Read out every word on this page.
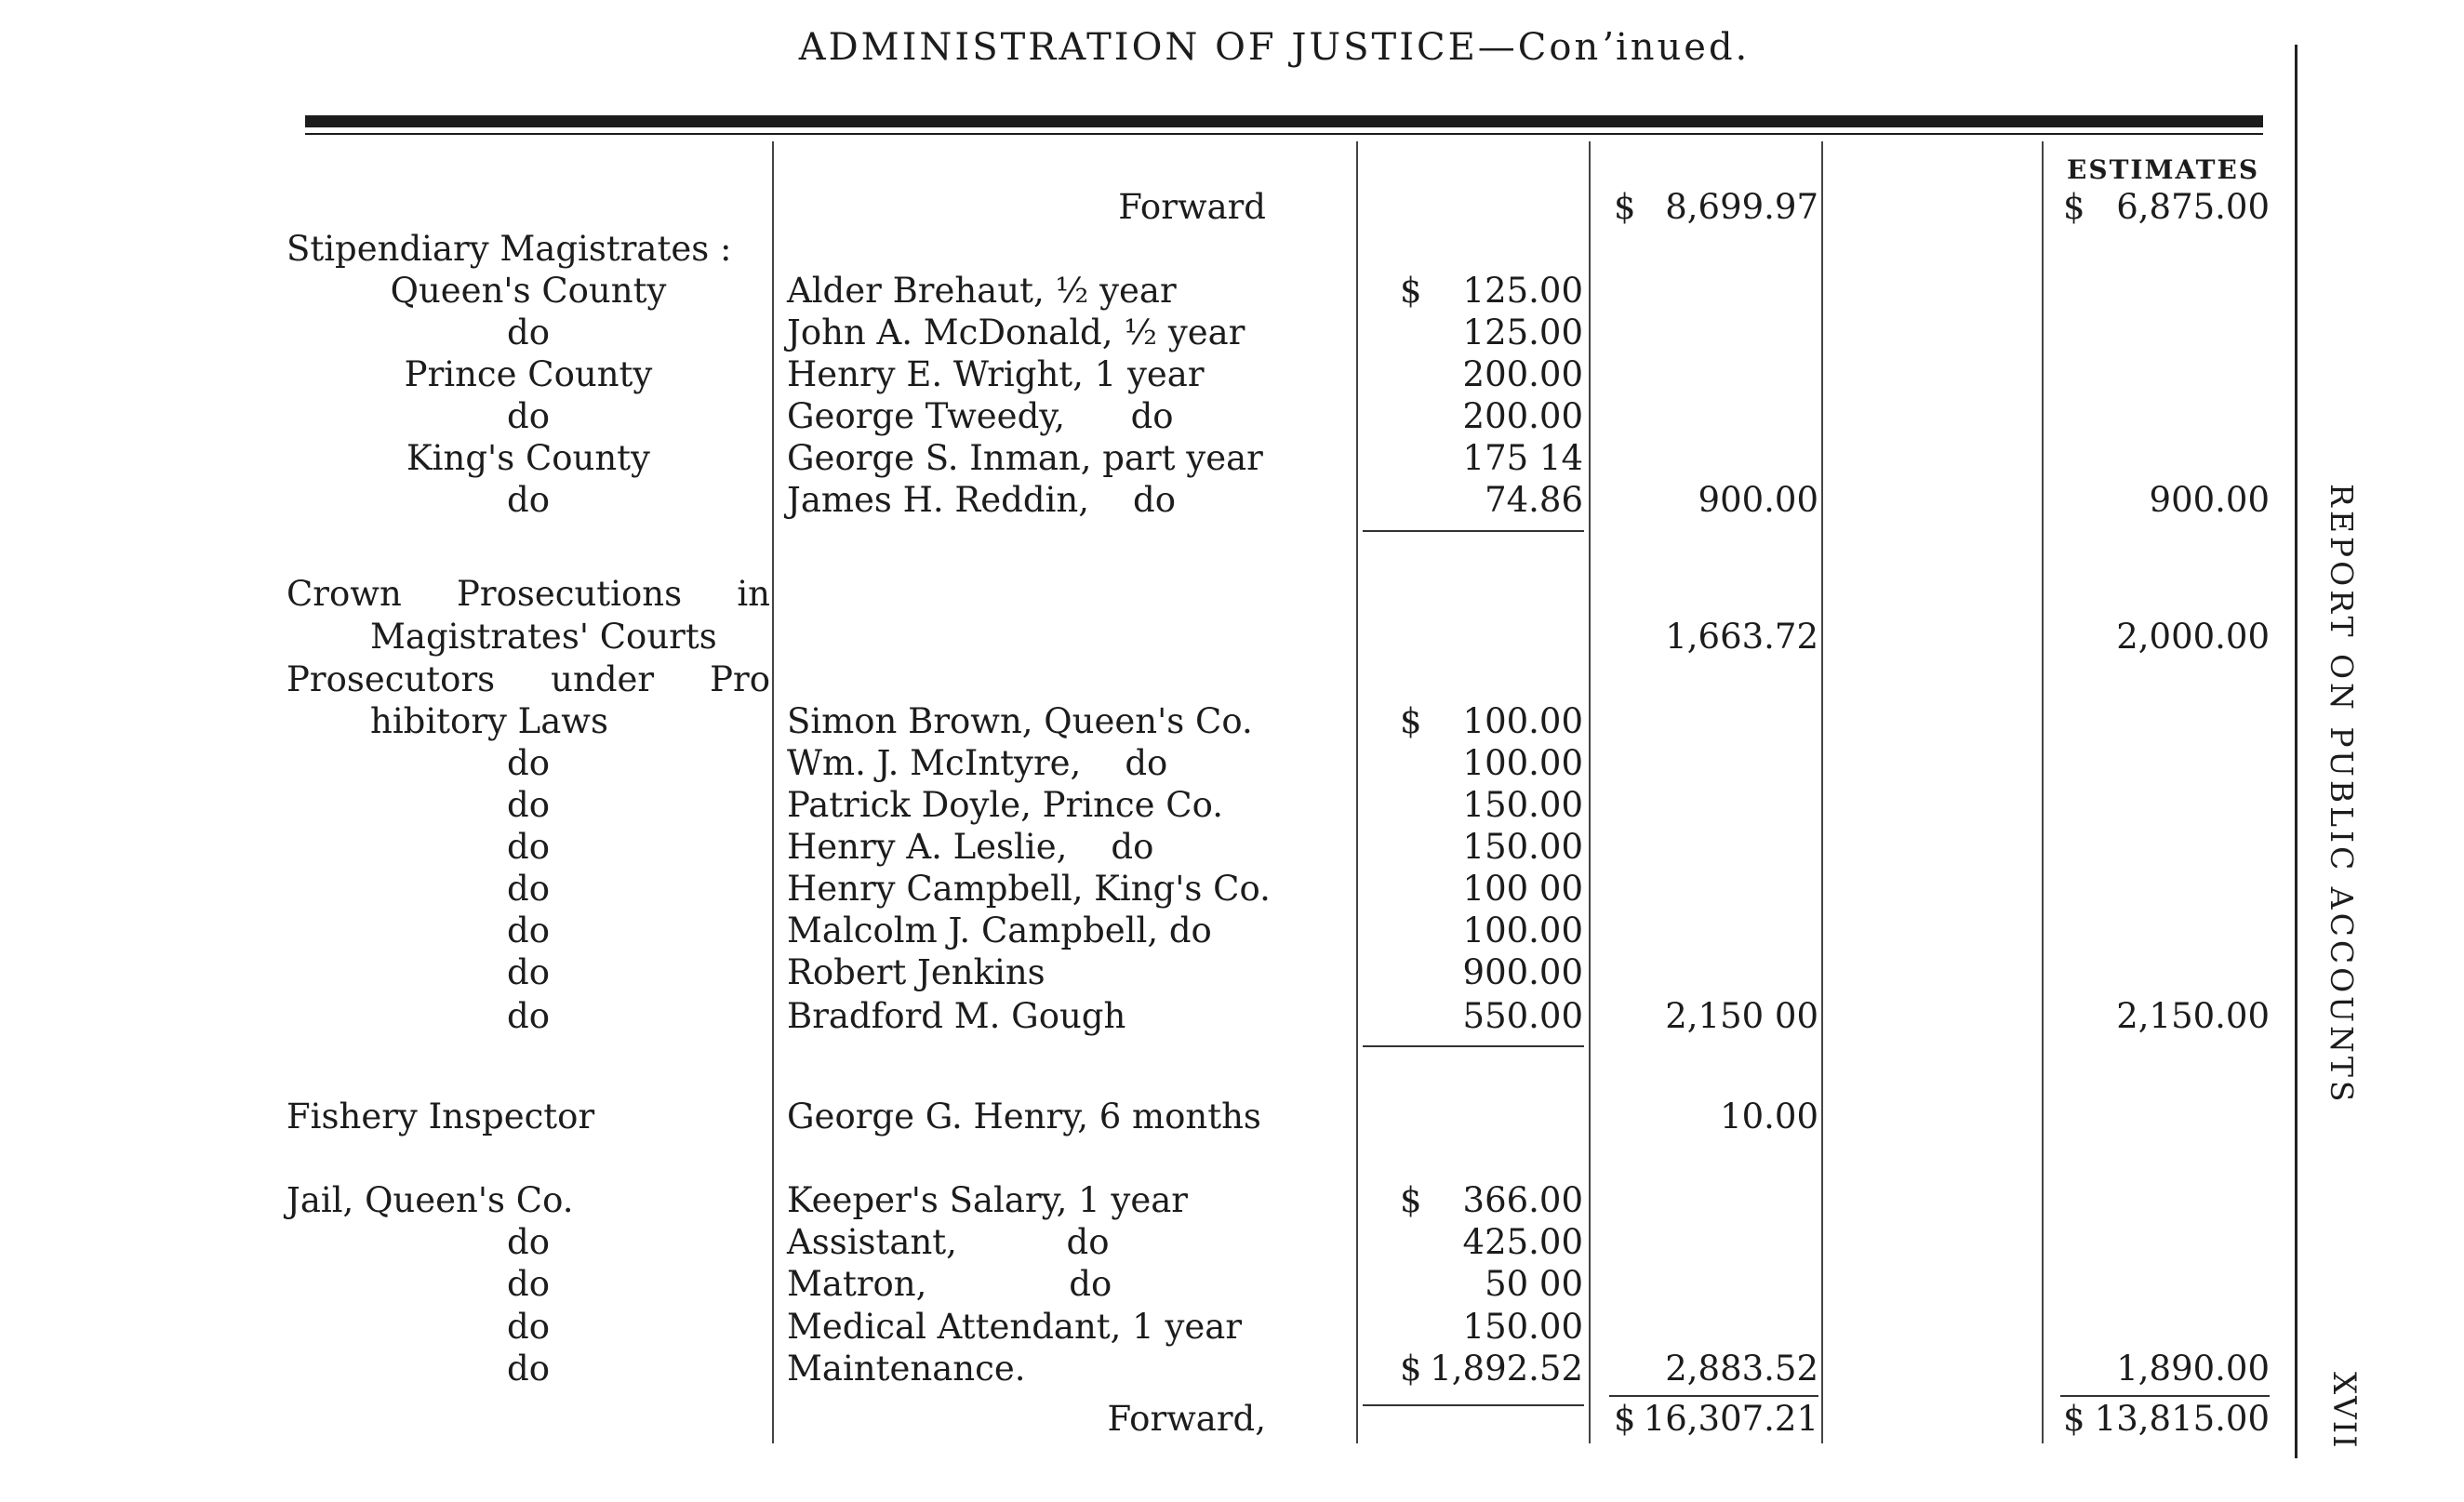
ADMINISTRATION OF JUSTICE—Conʼinued.
ESTIMATES
REPORT ON PUBLIC ACCOUNTS
XVII
Forward	$ 8,699.97	$ 6,875.00
Stipendiary Magistrates :
Queen's County	Alder Brehaut, ½ year	$	125.00
do	John A. McDonald, ½ year	125.00
Prince County	Henry E. Wright, 1 year	200.00
do	George Tweedy,      do	200.00
King's County	George S. Inman, part year	175 14
do	James H. Reddin,    do	74.86	900.00	900.00
Crown Prosecutions in
Magistrates' Courts	1,663.72	2,000.00
Prosecutors under Pro
hibitory Laws	Simon Brown, Queen's Co.	$	100.00
do	Wm. J. McIntyre,    do	100.00
do	Patrick Doyle, Prince Co.	150.00
do	Henry A. Leslie,    do	150.00
do	Henry Campbell, King's Co.	100 00
do	Malcolm J. Campbell, do	100.00
do	Robert Jenkins	900.00
do	Bradford M. Gough	550.00	2,150 00	2,150.00
Fishery Inspector	George G. Henry, 6 months	10.00
Jail, Queen's Co.	Keeper's Salary, 1 year	$	366.00
do	Assistant,          do	425.00
do	Matron,             do	50 00
do	Medical Attendant, 1 year	150.00
do	Maintenance.	$ 1,892.52	2,883.52	1,890.00
Forward,	$ 16,307.21	$ 13,815.00
